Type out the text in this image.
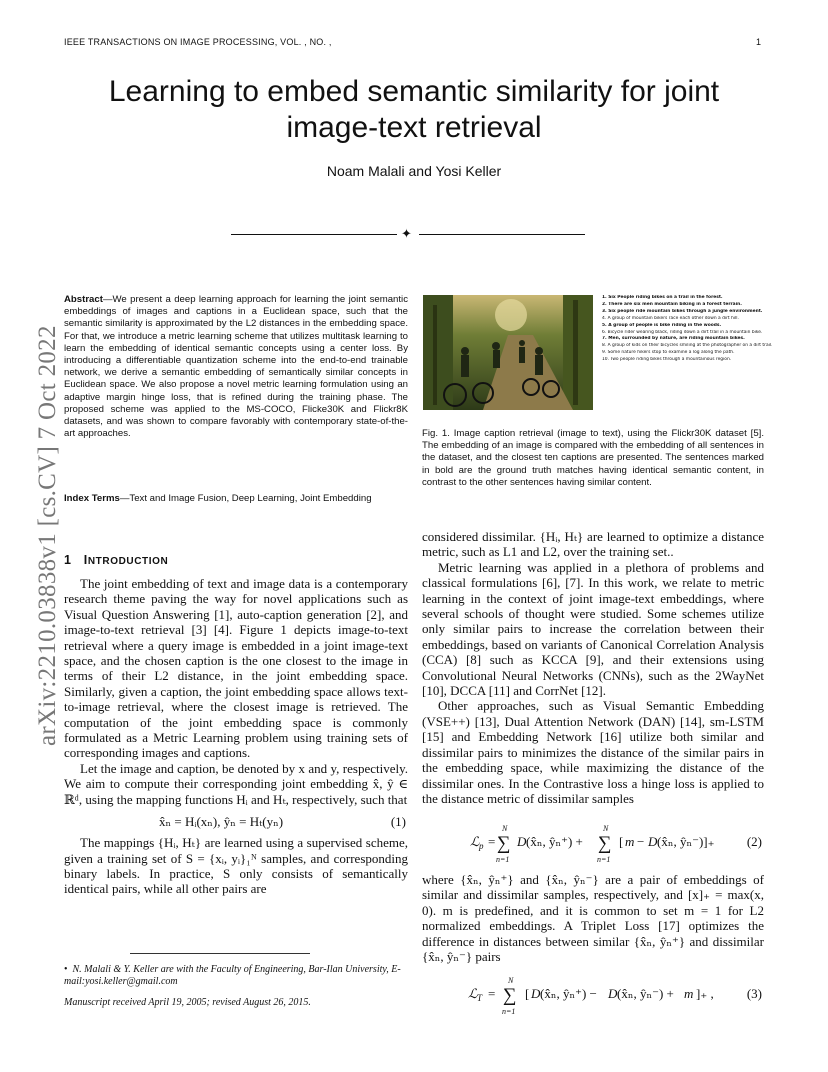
IEEE TRANSACTIONS ON IMAGE PROCESSING, VOL. , NO. ,	1
Learning to embed semantic similarity for joint
image-text retrieval
Noam Malali and Yosi Keller
✦
arXiv:2210.03838v1 [cs.CV] 7 Oct 2022
Abstract—We present a deep learning approach for learning the joint semantic embeddings of images and captions in a Euclidean space, such that the semantic similarity is approximated by the L2 distances in the embedding space. For that, we introduce a metric learning scheme that utilizes multitask learning to learn the embedding of identical semantic concepts using a center loss. By introducing a differentiable quantization scheme into the end-to-end trainable network, we derive a semantic embedding of semantically similar concepts in Euclidean space. We also propose a novel metric learning formulation using an adaptive margin hinge loss, that is refined during the training phase. The proposed scheme was applied to the MS-COCO, Flicke30K and Flickr8K datasets, and was shown to compare favorably with contemporary state-of-the-art approaches.
Index Terms—Text and Image Fusion, Deep Learning, Joint Embedding
1 INTRODUCTION

The joint embedding of text and image data is a contemporary research theme paving the way for novel applications such as Visual Question Answering [1], auto-caption generation [2], and image-to-text retrieval [3] [4]. Figure 1 depicts image-to-text retrieval where a query image is embedded in a joint image-text space, and the chosen caption is the one closest to the image in terms of their L2 distance, in the joint embedding space. Similarly, given a caption, the joint embedding space allows text-to-image retrieval, where the closest image is retrieved. The computation of the joint embedding space is commonly formulated as a Metric Learning problem using training sets of corresponding images and captions.

Let the image and caption, be denoted by x and y, respectively. We aim to compute their corresponding joint embedding x̂, ŷ ∈ ℝᵈ, using the mapping functions Hᵢ and Hₜ, respectively, such that

x̂ₙ = Hᵢ(xₙ), ŷₙ = Hₜ(yₙ)	(1)

The mappings {Hᵢ, Hₜ} are learned using a supervised scheme, given a training set of S = {xᵢ, yᵢ}₁ᴺ samples, and corresponding binary labels. In practice, S only consists of semantically identical pairs, while all other pairs are

•  N. Malali & Y. Keller are with the Faculty of Engineering, Bar-Ilan University, E-mail:yosi.keller@gmail.com
Manuscript received April 19, 2005; revised August 26, 2015.
1. Six People riding bikes on a trail in the forest.
2. There are six men mountain biking in a forest terrain.
3. Six people ride mountain bikes through a jungle environment.
4. A group of mountain bikers race each other down a dirt hill.
5. A group of people is bike riding in the woods.
6. Bicycle rider wearing black, riding down a dirt trail in a mountain bike.
7. Men, surrounded by nature, are riding mountain bikes.
8. A group of kids on their bicycles smiling at the photographer on a dirt trail.
9. Some nature hikers stop to examine a log along the path.
10. Two people riding bikes through a mountainous region.
Fig. 1. Image caption retrieval (image to text), using the Flickr30K dataset [5]. The embedding of an image is compared with the embedding of all sentences in the dataset, and the closest ten captions are presented. The sentences marked in bold are the ground truth matches having identical semantic content, in contrast to the other sentences having similar content.

considered dissimilar. {Hᵢ, Hₜ} are learned to optimize a distance metric, such as L1 and L2, over the training set..

Metric learning was applied in a plethora of problems and classical formulations [6], [7]. In this work, we relate to metric learning in the context of joint image-text embeddings, where several schools of thought were studied. Some schemes utilize only similar pairs to increase the correlation between their embeddings, based on variants of Canonical Correlation Analysis (CCA) [8] such as KCCA [9], and their extensions using Convolutional Neural Networks (CNNs), such as the 2WayNet [10], DCCA [11] and CorrNet [12].

Other approaches, such as Visual Semantic Embedding (VSE++) [13], Dual Attention Network (DAN) [14], sm-LSTM [15] and Embedding Network [16] utilize both similar and dissimilar pairs to minimizes the distance of the similar pairs in the embedding space, while maximizing the distance of the dissimilar ones. In the Contrastive loss a hinge loss is applied to the distance metric of dissimilar samples

ℒ p =
N
∑
n=1
D (x̂ₙ, ŷₙ⁺) +
N
∑
n=1
[ m − D (x̂ₙ, ŷₙ⁻)]₊ (2)

where {x̂ₙ, ŷₙ⁺} and {x̂ₙ, ŷₙ⁻} are a pair of embeddings of similar and dissimilar samples, respectively, and [x]₊ = max(x, 0). m is predefined, and it is common to set m = 1 for L2 normalized embeddings. A Triplet Loss [17] optimizes the difference in distances between similar {x̂ₙ, ŷₙ⁺} and dissimilar {x̂ₙ, ŷₙ⁻} pairs

ℒ T =
N
∑
n=1
[ D (x̂ₙ, ŷₙ⁺) − D (x̂ₙ, ŷₙ⁻) + m ]₊ ,	(3)
